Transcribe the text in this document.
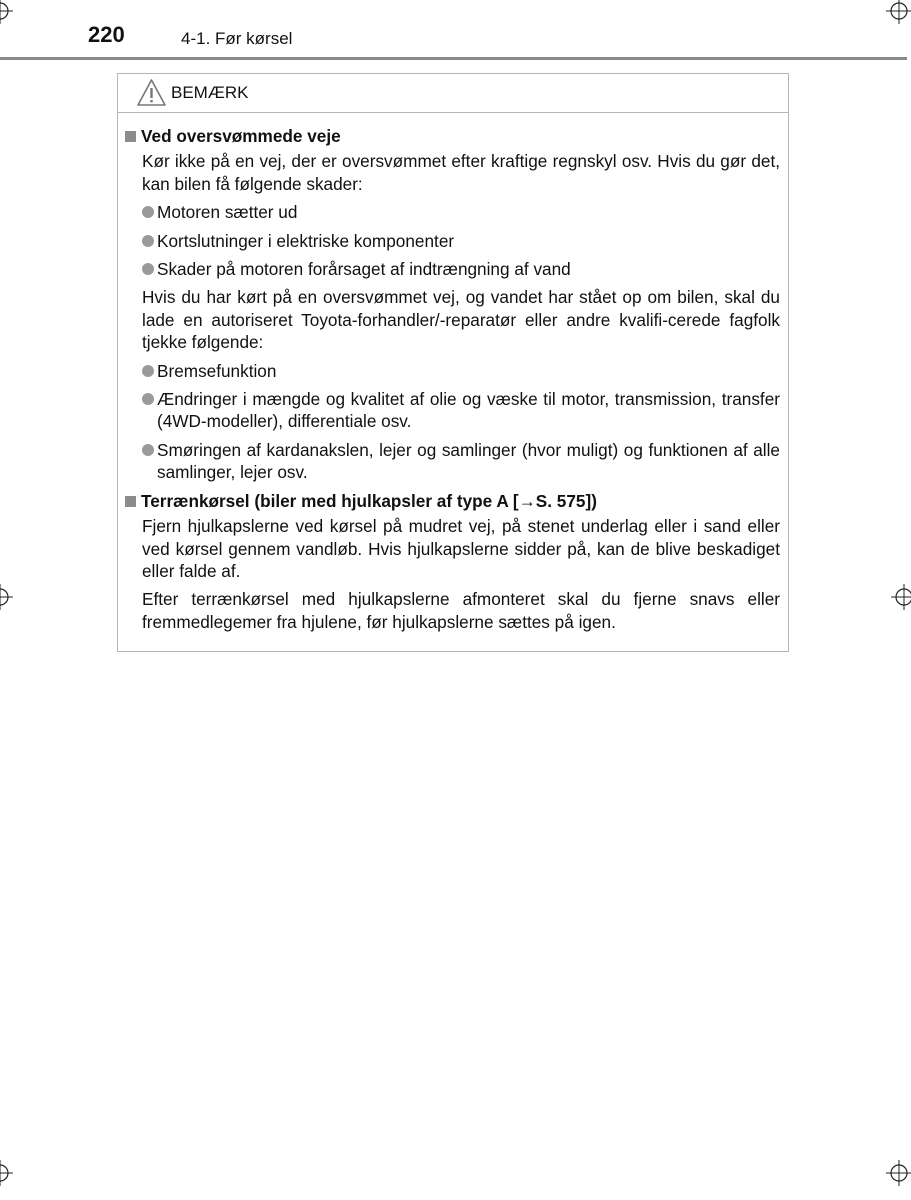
220	4-1. Før kørsel
BEMÆRK
Ved oversvømmede veje
Kør ikke på en vej, der er oversvømmet efter kraftige regnskyl osv. Hvis du gør det, kan bilen få følgende skader:
Motoren sætter ud
Kortslutninger i elektriske komponenter
Skader på motoren forårsaget af indtrængning af vand
Hvis du har kørt på en oversvømmet vej, og vandet har stået op om bilen, skal du lade en autoriseret Toyota-forhandler/-reparatør eller andre kvalifi-cerede fagfolk tjekke følgende:
Bremsefunktion
Ændringer i mængde og kvalitet af olie og væske til motor, transmission, transfer (4WD-modeller), differentiale osv.
Smøringen af kardanakslen, lejer og samlinger (hvor muligt) og funktionen af alle samlinger, lejer osv.
Terrænkørsel (biler med hjulkapsler af type A [→S. 575])
Fjern hjulkapslerne ved kørsel på mudret vej, på stenet underlag eller i sand eller ved kørsel gennem vandløb. Hvis hjulkapslerne sidder på, kan de blive beskadiget eller falde af.
Efter terrænkørsel med hjulkapslerne afmonteret skal du fjerne snavs eller fremmedlegemer fra hjulene, før hjulkapslerne sættes på igen.
